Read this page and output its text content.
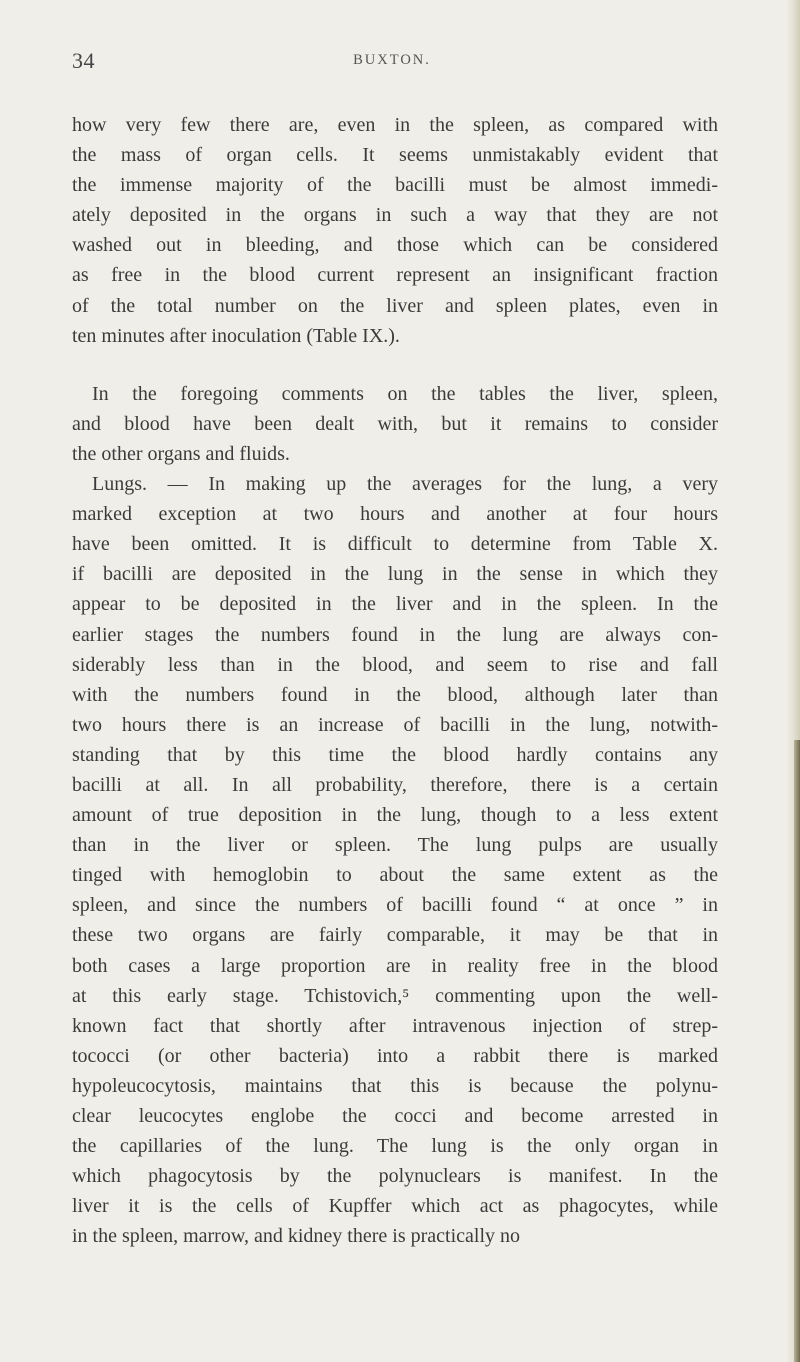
34	BUXTON.
how very few there are, even in the spleen, as compared with
the mass of organ cells. It seems unmistakably evident that
the immense majority of the bacilli must be almost immedi-
ately deposited in the organs in such a way that they are not
washed out in bleeding, and those which can be considered
as free in the blood current represent an insignificant fraction
of the total number on the liver and spleen plates, even in
ten minutes after inoculation (Table IX.).
In the foregoing comments on the tables the liver, spleen,
and blood have been dealt with, but it remains to consider
the other organs and fluids.
Lungs. — In making up the averages for the lung, a very
marked exception at two hours and another at four hours
have been omitted. It is difficult to determine from Table X.
if bacilli are deposited in the lung in the sense in which they
appear to be deposited in the liver and in the spleen. In the
earlier stages the numbers found in the lung are always con-
siderably less than in the blood, and seem to rise and fall
with the numbers found in the blood, although later than
two hours there is an increase of bacilli in the lung, notwith-
standing that by this time the blood hardly contains any
bacilli at all. In all probability, therefore, there is a certain
amount of true deposition in the lung, though to a less extent
than in the liver or spleen. The lung pulps are usually
tinged with hemoglobin to about the same extent as the
spleen, and since the numbers of bacilli found “ at once ” in
these two organs are fairly comparable, it may be that in
both cases a large proportion are in reality free in the blood
at this early stage. Tchistovich,⁵ commenting upon the well-
known fact that shortly after intravenous injection of strep-
tococci (or other bacteria) into a rabbit there is marked
hypoleucocytosis, maintains that this is because the polynu-
clear leucocytes englobe the cocci and become arrested in
the capillaries of the lung. The lung is the only organ in
which phagocytosis by the polynuclears is manifest. In the
liver it is the cells of Kupffer which act as phagocytes, while
in the spleen, marrow, and kidney there is practically no
